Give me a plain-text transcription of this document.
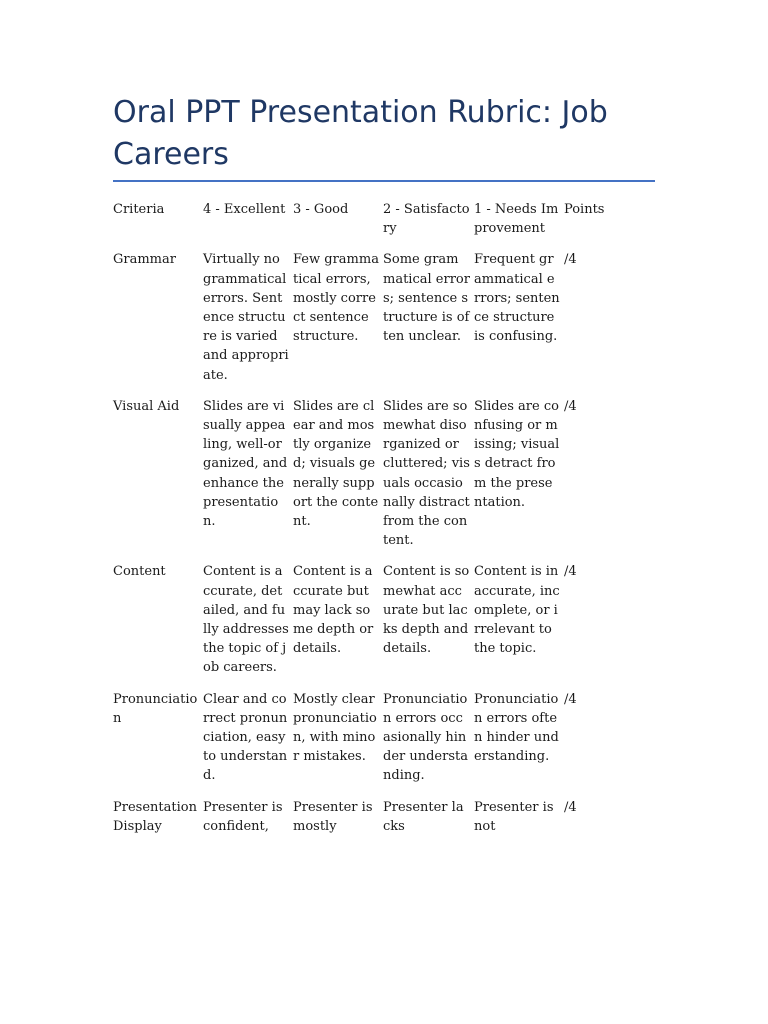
Oral PPT Presentation Rubric: Job Careers
Criteria	4 - Excellent	3 - Good	2 - Satisfactory	1 - Needs Improvement	Points
Grammar	Virtually no grammatical errors. Sentence structure is varied and appropriate.	Few grammatical errors, mostly correct sentence structure.	Some grammatical errors; sentence structure is often unclear.	Frequent grammatical errors; sentence structure is confusing.	/4
Visual Aid	Slides are visually appealing, well-organized, and enhance the presentation.	Slides are clear and mostly organized; visuals generally support the content.	Slides are somewhat disorganized or cluttered; visuals occasionally distract from the content.	Slides are confusing or missing; visuals detract from the presentation.	/4
Content	Content is accurate, detailed, and fully addresses the topic of job careers.	Content is accurate but may lack some depth or details.	Content is somewhat accurate but lacks depth and details.	Content is inaccurate, incomplete, or irrelevant to the topic.	/4
Pronunciation	Clear and correct pronunciation, easy to understand.	Mostly clear pronunciation, with minor mistakes.	Pronunciation errors occasionally hinder understanding.	Pronunciation errors often hinder understanding.	/4
Presentation Display	Presenter is confident,	Presenter is mostly	Presenter lacks	Presenter is not	/4
